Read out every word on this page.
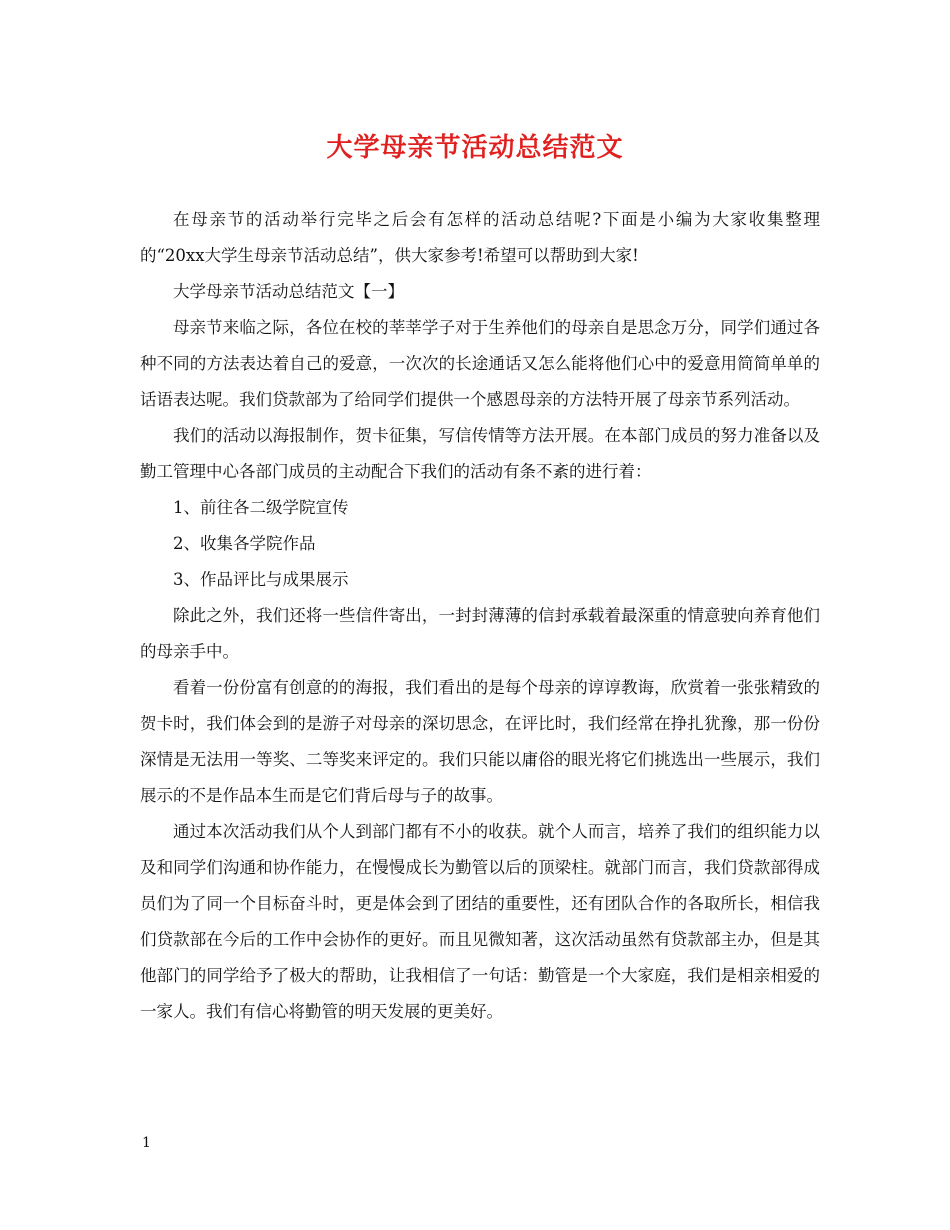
大学母亲节活动总结范文

在母亲节的活动举行完毕之后会有怎样的活动总结呢?下面是小编为大家收集整理的“20xx大学生母亲节活动总结”，供大家参考!希望可以帮助到大家!

大学母亲节活动总结范文【一】

母亲节来临之际，各位在校的莘莘学子对于生养他们的母亲自是思念万分，同学们通过各种不同的方法表达着自己的爱意，一次次的长途通话又怎么能将他们心中的爱意用简简单单的话语表达呢。我们贷款部为了给同学们提供一个感恩母亲的方法特开展了母亲节系列活动。

我们的活动以海报制作，贺卡征集，写信传情等方法开展。在本部门成员的努力准备以及勤工管理中心各部门成员的主动配合下我们的活动有条不紊的进行着：

1、前往各二级学院宣传

2、收集各学院作品

3、作品评比与成果展示

除此之外，我们还将一些信件寄出，一封封薄薄的信封承载着最深重的情意驶向养育他们的母亲手中。

看着一份份富有创意的的海报，我们看出的是每个母亲的谆谆教诲，欣赏着一张张精致的贺卡时，我们体会到的是游子对母亲的深切思念，在评比时，我们经常在挣扎犹豫，那一份份深情是无法用一等奖、二等奖来评定的。我们只能以庸俗的眼光将它们挑选出一些展示，我们展示的不是作品本生而是它们背后母与子的故事。

通过本次活动我们从个人到部门都有不小的收获。就个人而言，培养了我们的组织能力以及和同学们沟通和协作能力，在慢慢成长为勤管以后的顶梁柱。就部门而言，我们贷款部得成员们为了同一个目标奋斗时，更是体会到了团结的重要性，还有团队合作的各取所长，相信我们贷款部在今后的工作中会协作的更好。而且见微知著，这次活动虽然有贷款部主办，但是其他部门的同学给予了极大的帮助，让我相信了一句话：勤管是一个大家庭，我们是相亲相爱的一家人。我们有信心将勤管的明天发展的更美好。

1
